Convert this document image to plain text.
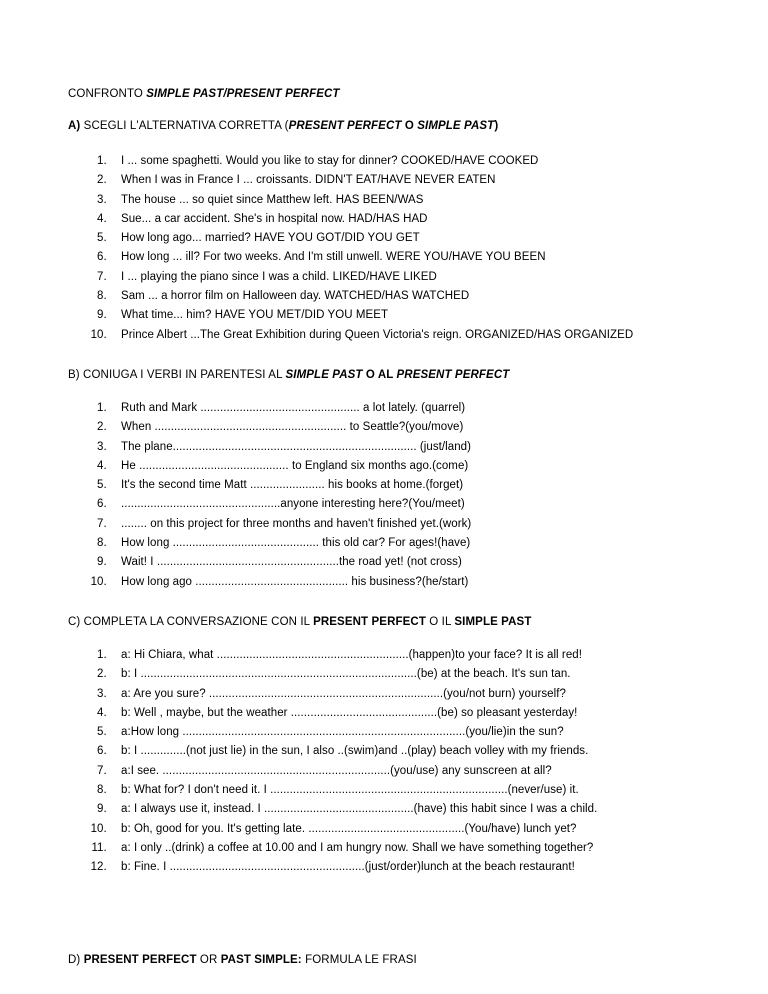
CONFRONTO SIMPLE PAST/PRESENT PERFECT

A) SCEGLI L'ALTERNATIVA CORRETTA (PRESENT PERFECT O SIMPLE PAST)

1. I ... some spaghetti. Would you like to stay for dinner? COOKED/HAVE COOKED
2. When I was in France I ... croissants. DIDN'T EAT/HAVE NEVER EATEN
3. The house ... so quiet since Matthew left. HAS BEEN/WAS
4. Sue... a car accident. She's in hospital now. HAD/HAS HAD
5. How long ago... married? HAVE YOU GOT/DID YOU GET
6. How long ... ill? For two weeks. And I'm still unwell. WERE YOU/HAVE YOU BEEN
7. I ... playing the piano since I was a child. LIKED/HAVE LIKED
8. Sam ... a horror film on Halloween day. WATCHED/HAS WATCHED
9. What time... him? HAVE YOU MET/DID YOU MEET
10. Prince Albert ...The Great Exhibition during Queen Victoria's reign. ORGANIZED/HAS ORGANIZED

B) CONIUGA I VERBI IN PARENTESI AL SIMPLE PAST O AL PRESENT PERFECT

1. Ruth and Mark ................................................. a lot lately. (quarrel)
2. When ........................................................... to Seattle?(you/move)
3. The plane........................................................................... (just/land)
4. He .............................................. to England six months ago.(come)
5. It's the second time Matt ....................... his books at home.(forget)
6. .................................................anyone interesting here?(You/meet)
7. ........ on this project for three months and haven't finished yet.(work)
8. How long ............................................. this old car? For ages!(have)
9. Wait! I ........................................................the road yet! (not cross)
10. How long ago ............................................... his business?(he/start)

C) COMPLETA LA CONVERSAZIONE CON IL PRESENT PERFECT O IL SIMPLE PAST

1. a: Hi Chiara, what ...........................................................(happen)to your face? It is all red!
2. b: I .....................................................................................(be) at the beach. It's sun tan.
3. a: Are you sure? ........................................................................(you/not burn) yourself?
4. b: Well , maybe, but the weather .............................................(be) so pleasant yesterday!
5. a:How long .......................................................................................(you/lie)in the sun?
6. b: I ..............(not just lie) in the sun, I also ..(swim)and ..(play) beach volley with my friends.
7. a:I see. ......................................................................(you/use) any sunscreen at all?
8. b: What for? I don't need it. I .........................................................................(never/use) it.
9. a: I always use it, instead. I ..............................................(have) this habit since I was a child.
10. b: Oh, good for you. It's getting late. ................................................(You/have) lunch yet?
11. a: I only ..(drink) a coffee at 10.00 and I am hungry now. Shall we have something together?
12. b: Fine. I ............................................................(just/order)lunch at the beach restaurant!

D) PRESENT PERFECT OR PAST SIMPLE: FORMULA LE FRASI
